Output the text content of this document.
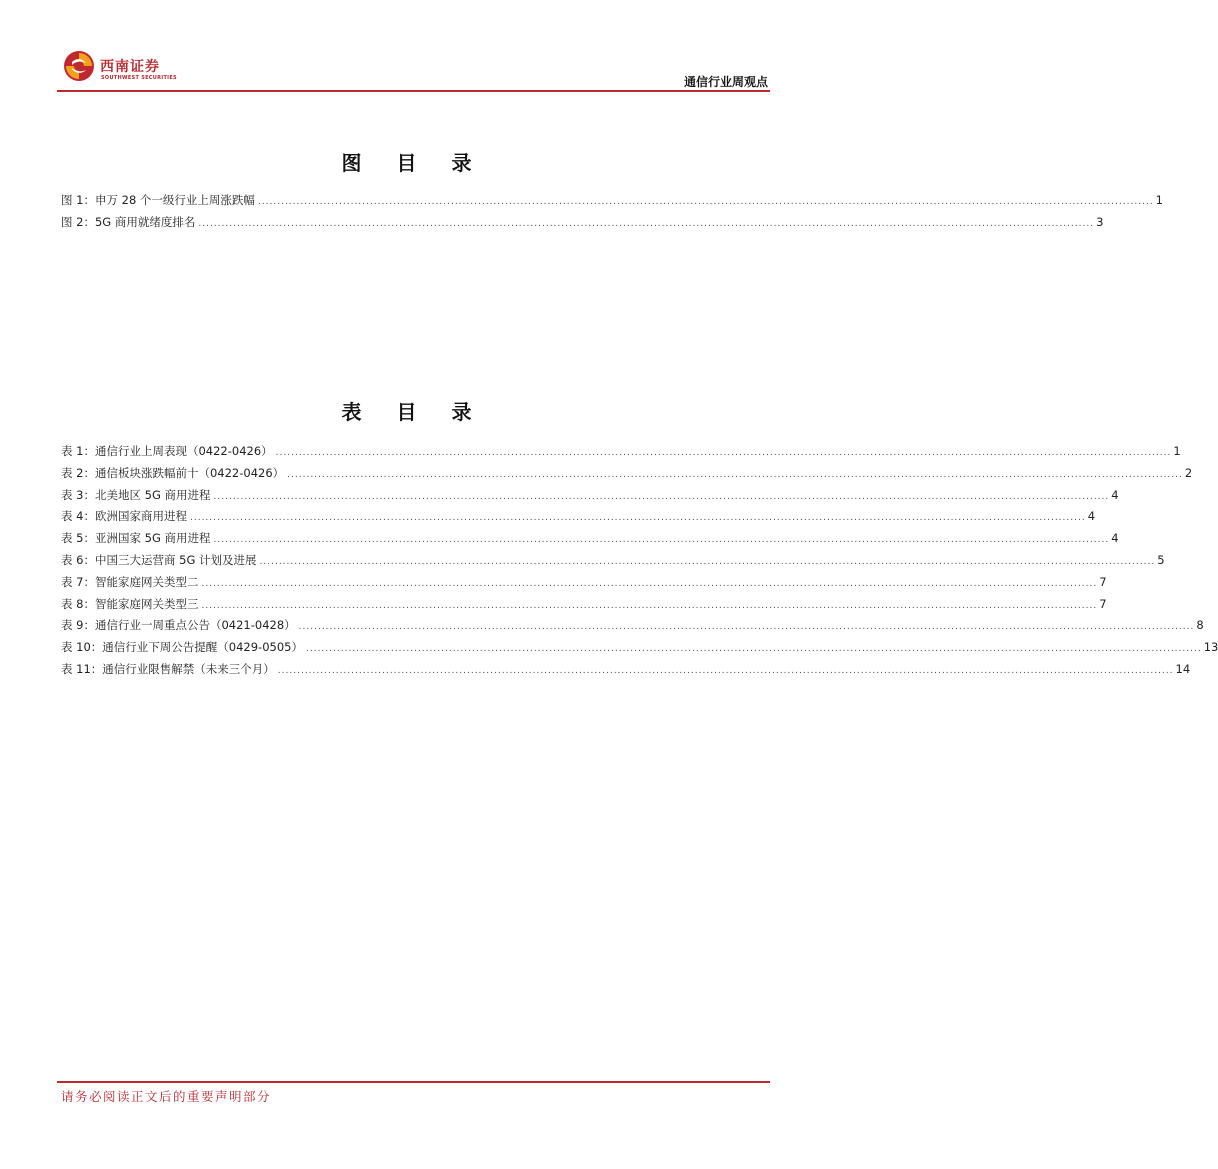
西南证券
SOUTHWEST SECURITIES	通信行业周观点
图 目 录
图 1：申万 28 个一级行业上周涨跌幅 ........................................................................................................................................................................................................................................ 1
图 2：5G 商用就绪度排名 ........................................................................................................................................................................................................................................ 3
表 目 录
表 1：通信行业上周表现（0422-0426） ........................................................................................................................................................................................................................................ 1
表 2：通信板块涨跌幅前十（0422-0426） ........................................................................................................................................................................................................................................ 2
表 3：北美地区 5G 商用进程 ........................................................................................................................................................................................................................................ 4
表 4：欧洲国家商用进程 ........................................................................................................................................................................................................................................ 4
表 5：亚洲国家 5G 商用进程 ........................................................................................................................................................................................................................................ 4
表 6：中国三大运营商 5G 计划及进展 ........................................................................................................................................................................................................................................ 5
表 7：智能家庭网关类型二 ........................................................................................................................................................................................................................................ 7
表 8：智能家庭网关类型三 ........................................................................................................................................................................................................................................ 7
表 9：通信行业一周重点公告（0421-0428） ........................................................................................................................................................................................................................................ 8
表 10：通信行业下周公告提醒（0429-0505） ........................................................................................................................................................................................................................................ 13
表 11：通信行业限售解禁（未来三个月） ........................................................................................................................................................................................................................................ 14
请务必阅读正文后的重要声明部分
